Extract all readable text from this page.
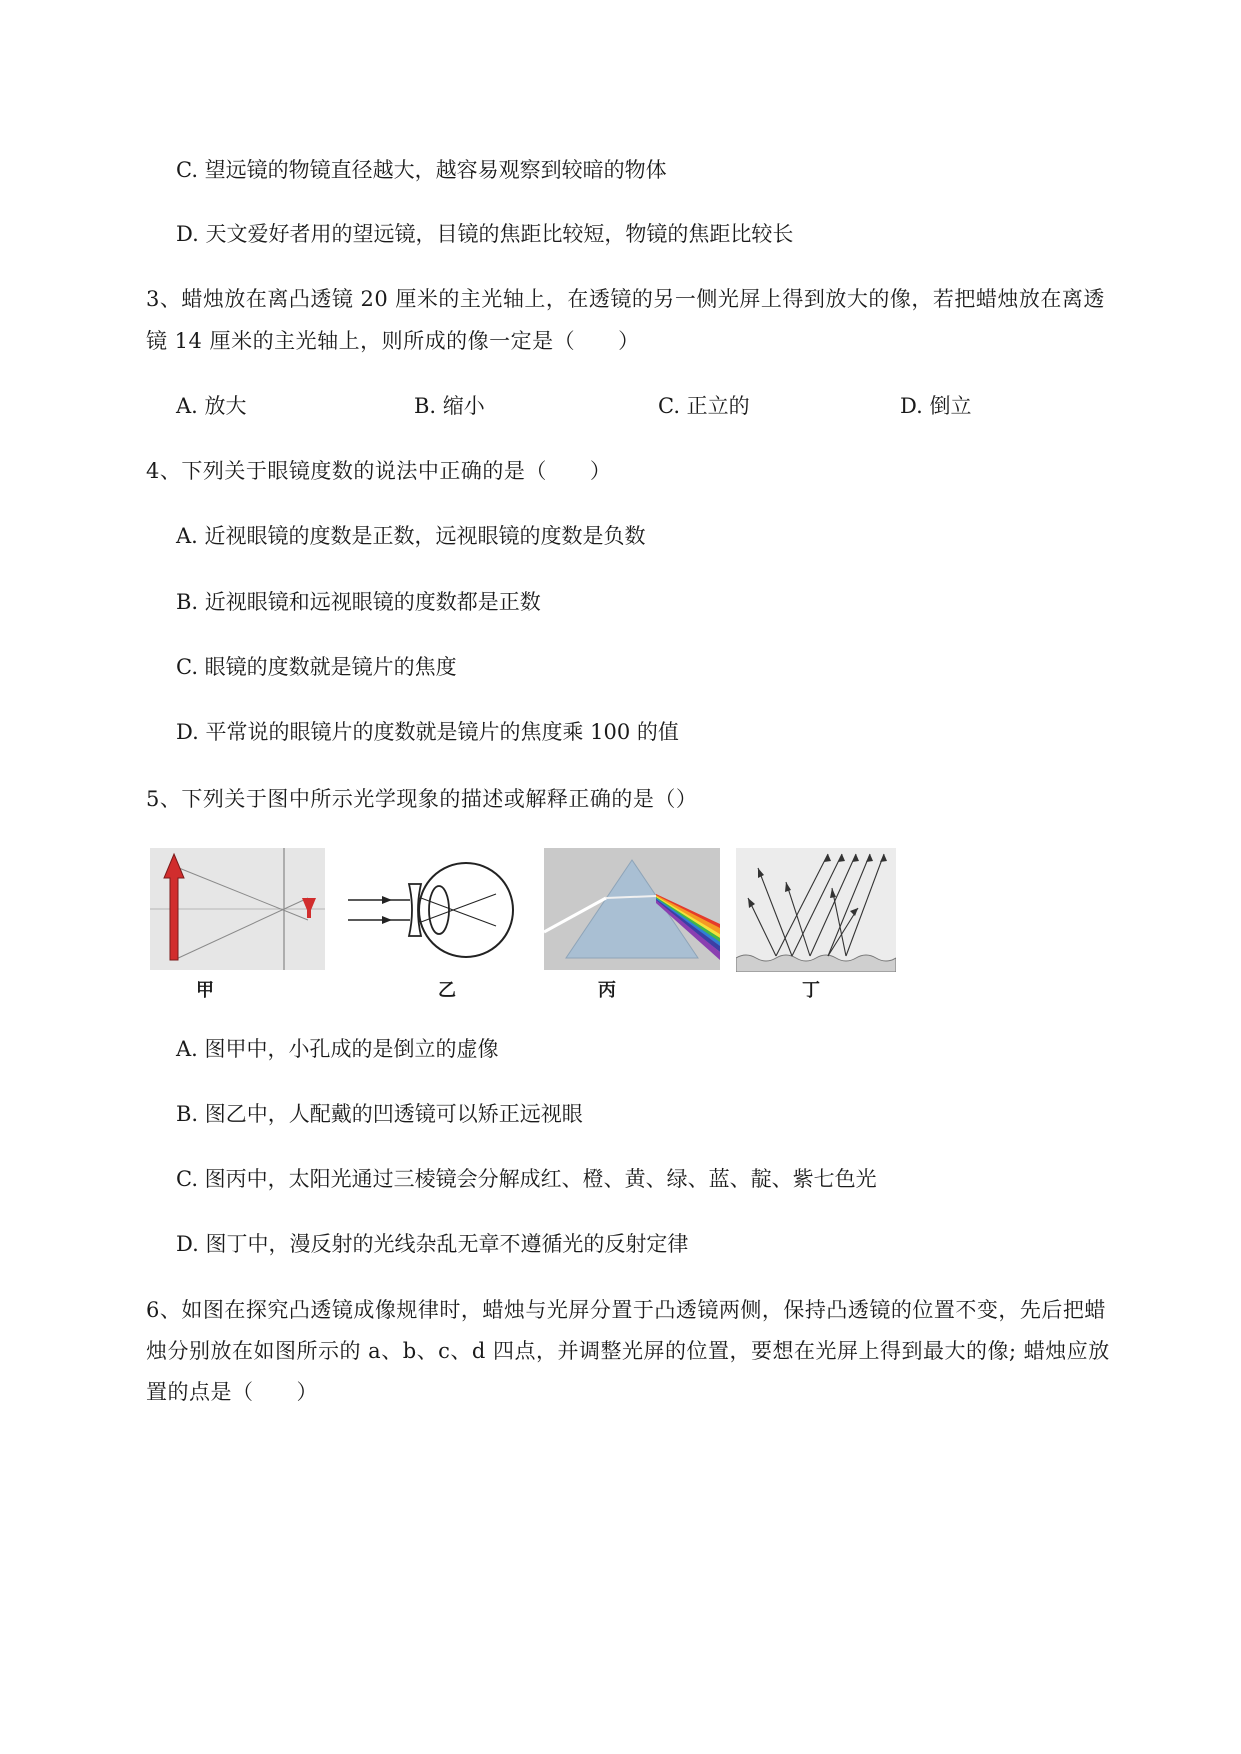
C. 望远镜的物镜直径越大，越容易观察到较暗的物体
D. 天文爱好者用的望远镜，目镜的焦距比较短，物镜的焦距比较长
3、蜡烛放在离凸透镜 20 厘米的主光轴上，在透镜的另一侧光屏上得到放大的像，若把蜡烛放在离透
镜 14 厘米的主光轴上，则所成的像一定是（　　）
A. 放大	B. 缩小	C. 正立的	D. 倒立
4、下列关于眼镜度数的说法中正确的是（　　）
A. 近视眼镜的度数是正数，远视眼镜的度数是负数
B. 近视眼镜和远视眼镜的度数都是正数
C. 眼镜的度数就是镜片的焦度
D. 平常说的眼镜片的度数就是镜片的焦度乘 100 的值
5、下列关于图中所示光学现象的描述或解释正确的是（）
甲	乙	丙	丁
A. 图甲中，小孔成的是倒立的虚像
B. 图乙中，人配戴的凹透镜可以矫正远视眼
C. 图丙中，太阳光通过三棱镜会分解成红、橙、黄、绿、蓝、靛、紫七色光
D. 图丁中，漫反射的光线杂乱无章不遵循光的反射定律
6、如图在探究凸透镜成像规律时，蜡烛与光屏分置于凸透镜两侧，保持凸透镜的位置不变，先后把蜡
烛分别放在如图所示的 a、b、c、d 四点，并调整光屏的位置，要想在光屏上得到最大的像; 蜡烛应放
置的点是（　　）
